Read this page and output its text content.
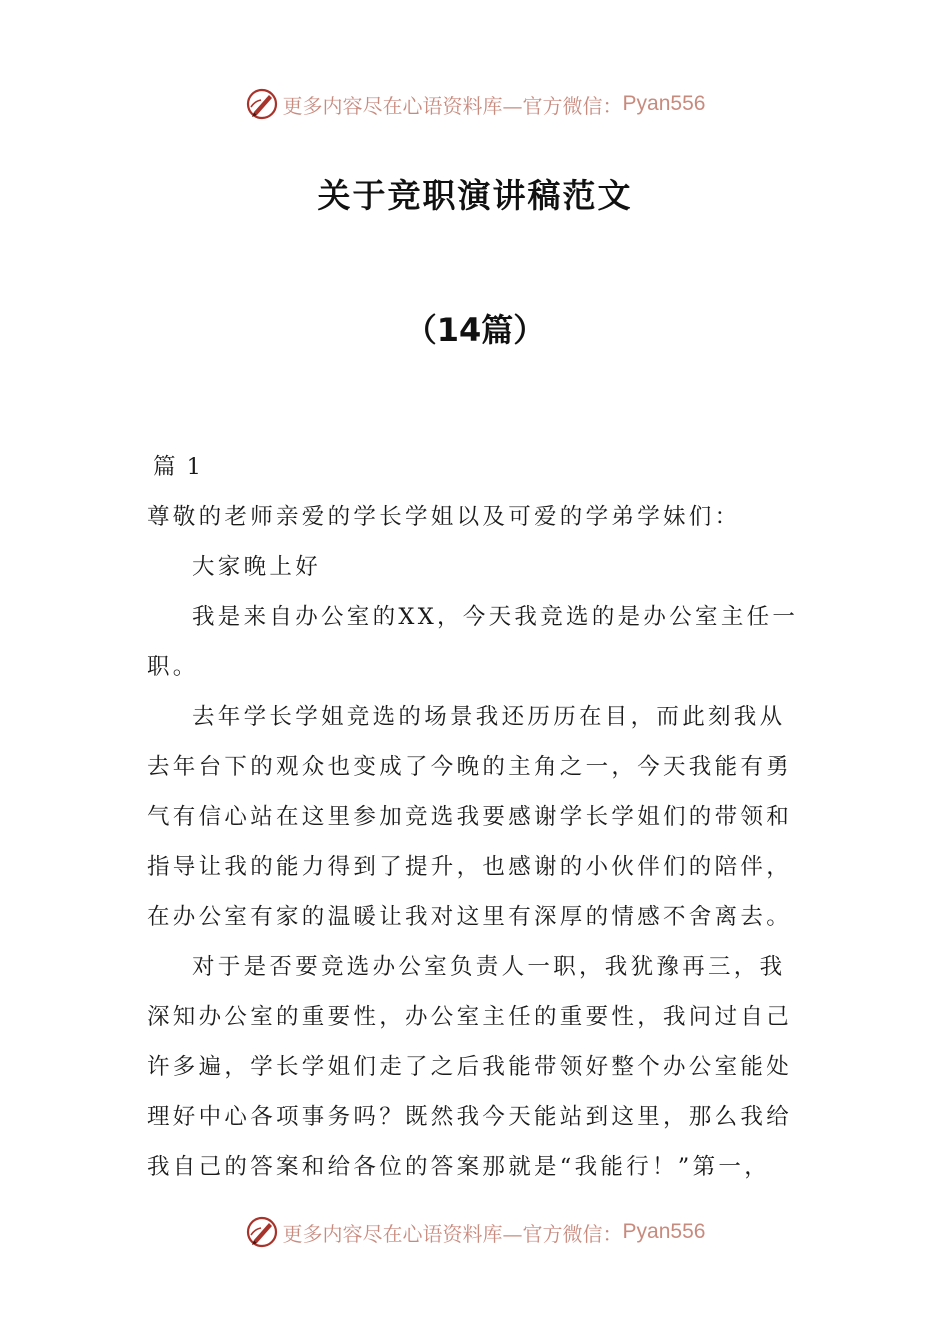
更多内容尽在心语资料库—官方微信： Pyan556
关于竞职演讲稿范文
（14篇）

篇 1

尊敬的老师亲爱的学长学姐以及可爱的学弟学妹们：

大家晚上好

我是来自办公室的XX，今天我竞选的是办公室主任一职。

去年学长学姐竞选的场景我还历历在目，而此刻我从去年台下的观众也变成了今晚的主角之一，今天我能有勇气有信心站在这里参加竞选我要感谢学长学姐们的带领和指导让我的能力得到了提升，也感谢的小伙伴们的陪伴，在办公室有家的温暖让我对这里有深厚的情感不舍离去。

对于是否要竞选办公室负责人一职，我犹豫再三，我深知办公室的重要性，办公室主任的重要性，我问过自己许多遍，学长学姐们走了之后我能带领好整个办公室能处理好中心各项事务吗？既然我今天能站到这里，那么我给我自己的答案和给各位的答案那就是“我能行！”第一，

更多内容尽在心语资料库—官方微信： Pyan556
